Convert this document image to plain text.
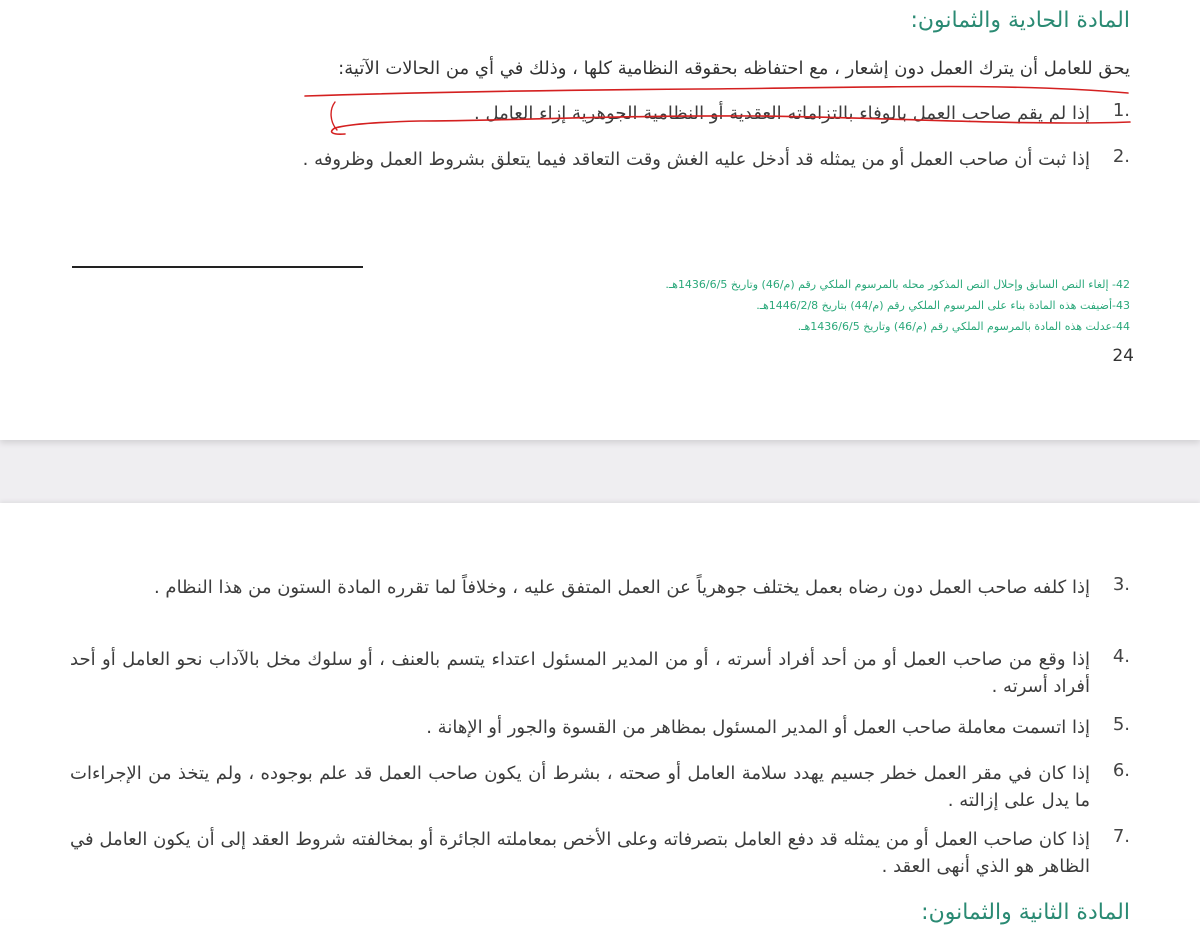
المادة الحادية والثمانون:
يحق للعامل أن يترك العمل دون إشعار ، مع احتفاظه بحقوقه النظامية كلها ، وذلك في أي من الحالات الآتية:
1.
إذا لم يقم صاحب العمل بالوفاء بالتزاماته العقدية أو النظامية الجوهرية إزاء العامل .
2.
إذا ثبت أن صاحب العمل أو من يمثله قد أدخل عليه الغش وقت التعاقد فيما يتعلق بشروط العمل وظروفه .
42- إلغاء النص السابق وإحلال النص المذكور محله بالمرسوم الملكي رقم (م/46) وتاريخ 1436/6/5هـ.
43-أضيفت هذه المادة بناء على المرسوم الملكي رقم (م/44) بتاريخ 1446/2/8هـ.
44-عدلت هذه المادة بالمرسوم الملكي رقم (م/46) وتاريخ 1436/6/5هـ.
24
3.
إذا كلفه صاحب العمل دون رضاه بعمل يختلف جوهرياً عن العمل المتفق عليه ، وخلافاً لما تقرره المادة الستون من هذا النظام .
4.
إذا وقع من صاحب العمل أو من أحد أفراد أسرته ، أو من المدير المسئول اعتداء يتسم بالعنف ، أو سلوك مخل بالآداب نحو العامل أو أحد أفراد أسرته .
5.
إذا اتسمت معاملة صاحب العمل أو المدير المسئول بمظاهر من القسوة والجور أو الإهانة .
6.
إذا كان في مقر العمل خطر جسيم يهدد سلامة العامل أو صحته ، بشرط أن يكون صاحب العمل قد علم بوجوده ، ولم يتخذ من الإجراءات ما يدل على إزالته .
7.
إذا كان صاحب العمل أو من يمثله قد دفع العامل بتصرفاته وعلى الأخص بمعاملته الجائرة أو بمخالفته شروط العقد إلى أن يكون العامل في الظاهر هو الذي أنهى العقد .
المادة الثانية والثمانون:
